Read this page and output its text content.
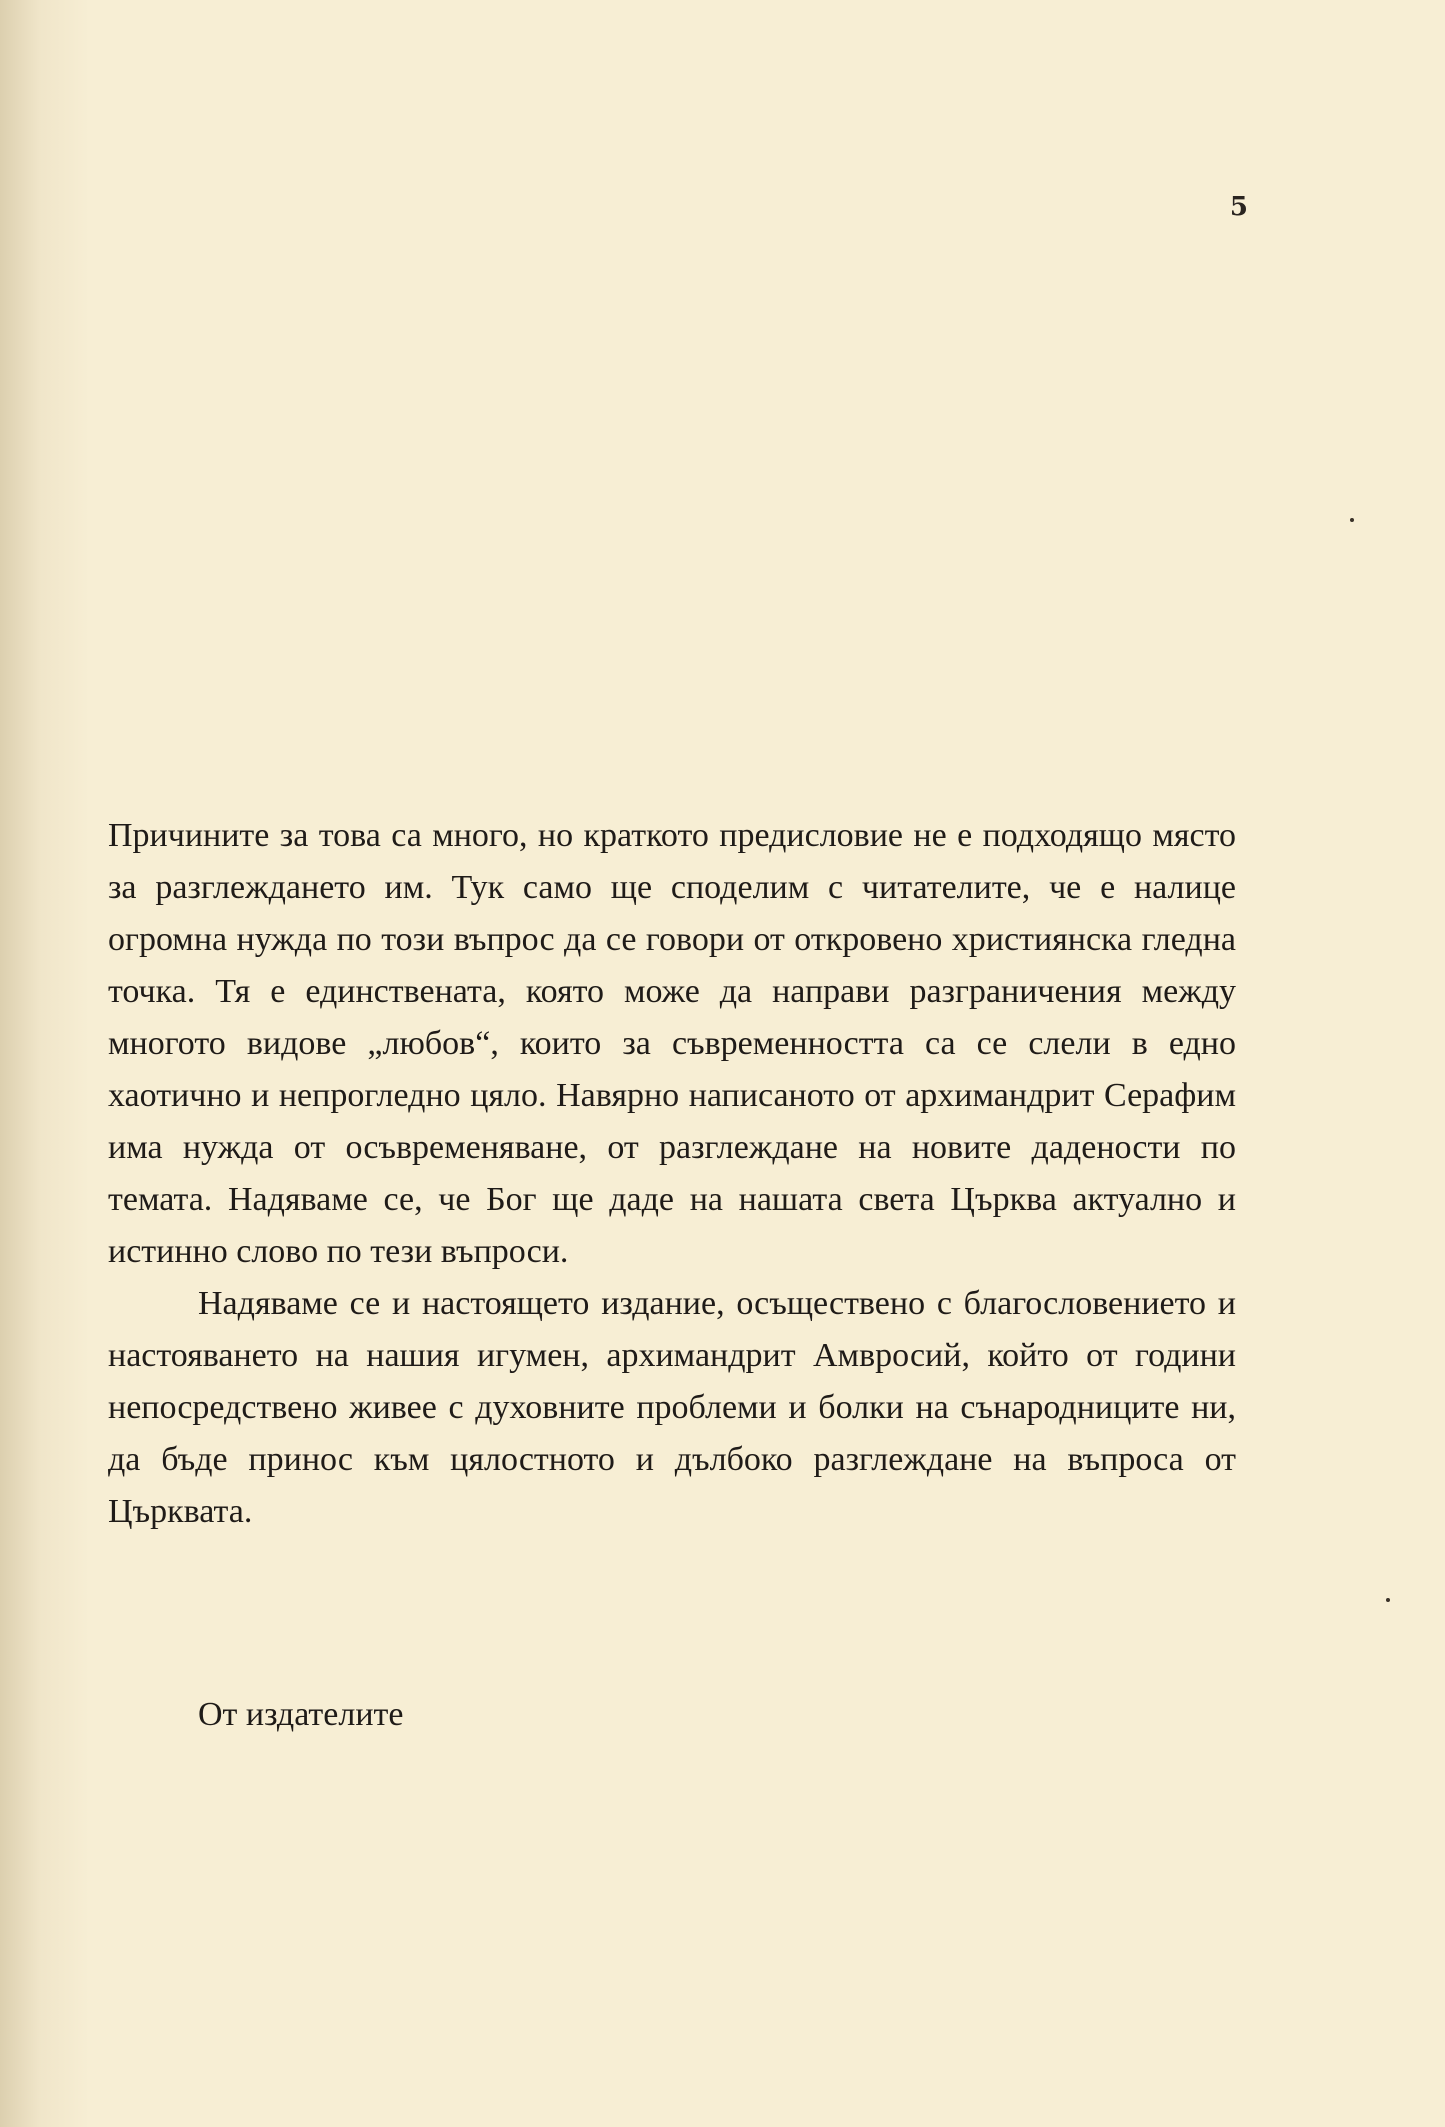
5

Причините за това са много, но краткото предисловие не е подходящо място за разглеждането им. Тук само ще споделим с читателите, че е налице огромна нужда по този въпрос да се говори от откровено християнска гледна точка. Тя е единствената, която може да направи разграничения между многото видове „любов“, които за съвременността са се слели в едно хаотично и непрогледно цяло. Навярно написаното от архимандрит Серафим има нужда от осъвременяване, от разглеждане на новите дадености по темата. Надяваме се, че Бог ще даде на нашата света Църква актуално и истинно слово по тези въпроси.

Надяваме се и настоящето издание, осъществено с благословението и настояването на нашия игумен, архимандрит Амвросий, който от години непосредствено живее с духовните проблеми и болки на сънародниците ни, да бъде принос към цялостното и дълбоко разглеждане на въпроса от Църквата.

От издателите
